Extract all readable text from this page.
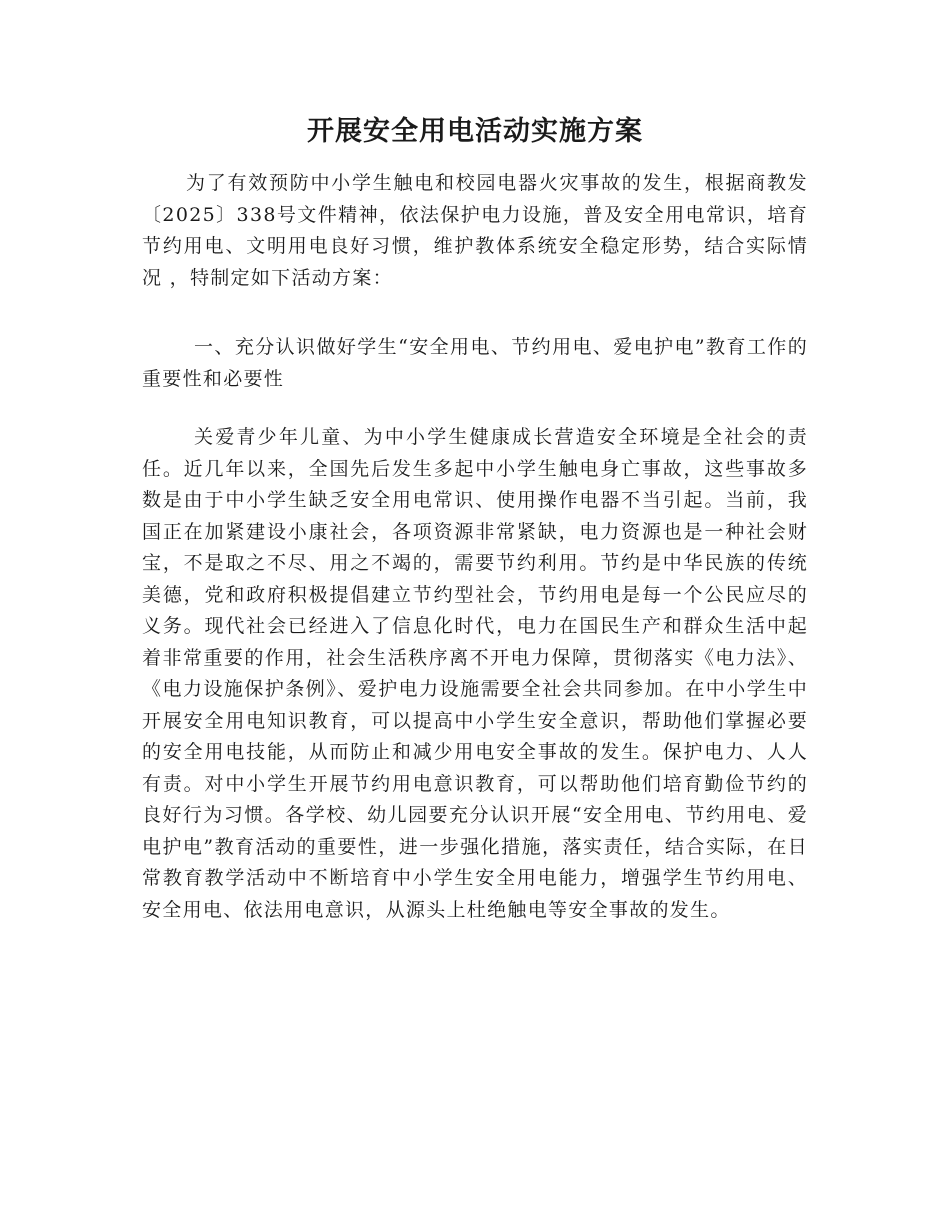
开展安全用电活动实施方案

为了有效预防中小学生触电和校园电器火灾事故的发生，根据商教发〔2025〕338号文件精神，依法保护电力设施，普及安全用电常识，培育节约用电、文明用电良好习惯，维护教体系统安全稳定形势，结合实际情况 ，特制定如下活动方案：

一、充分认识做好学生“安全用电、节约用电、爱电护电”教育工作的重要性和必要性

关爱青少年儿童、为中小学生健康成长营造安全环境是全社会的责任。近几年以来，全国先后发生多起中小学生触电身亡事故，这些事故多数是由于中小学生缺乏安全用电常识、使用操作电器不当引起。当前，我国正在加紧建设小康社会，各项资源非常紧缺，电力资源也是一种社会财宝，不是取之不尽、用之不竭的，需要节约利用。节约是中华民族的传统美德，党和政府积极提倡建立节约型社会，节约用电是每一个公民应尽的义务。现代社会已经进入了信息化时代，电力在国民生产和群众生活中起着非常重要的作用，社会生活秩序离不开电力保障，贯彻落实《电力法》、《电力设施保护条例》、爱护电力设施需要全社会共同参加。在中小学生中开展安全用电知识教育，可以提高中小学生安全意识，帮助他们掌握必要的安全用电技能，从而防止和减少用电安全事故的发生。保护电力、人人有责。对中小学生开展节约用电意识教育，可以帮助他们培育勤俭节约的良好行为习惯。各学校、幼儿园要充分认识开展“安全用电、节约用电、爱电护电”教育活动的重要性，进一步强化措施，落实责任，结合实际，在日常教育教学活动中不断培育中小学生安全用电能力，增强学生节约用电、安全用电、依法用电意识，从源头上杜绝触电等安全事故的发生。
